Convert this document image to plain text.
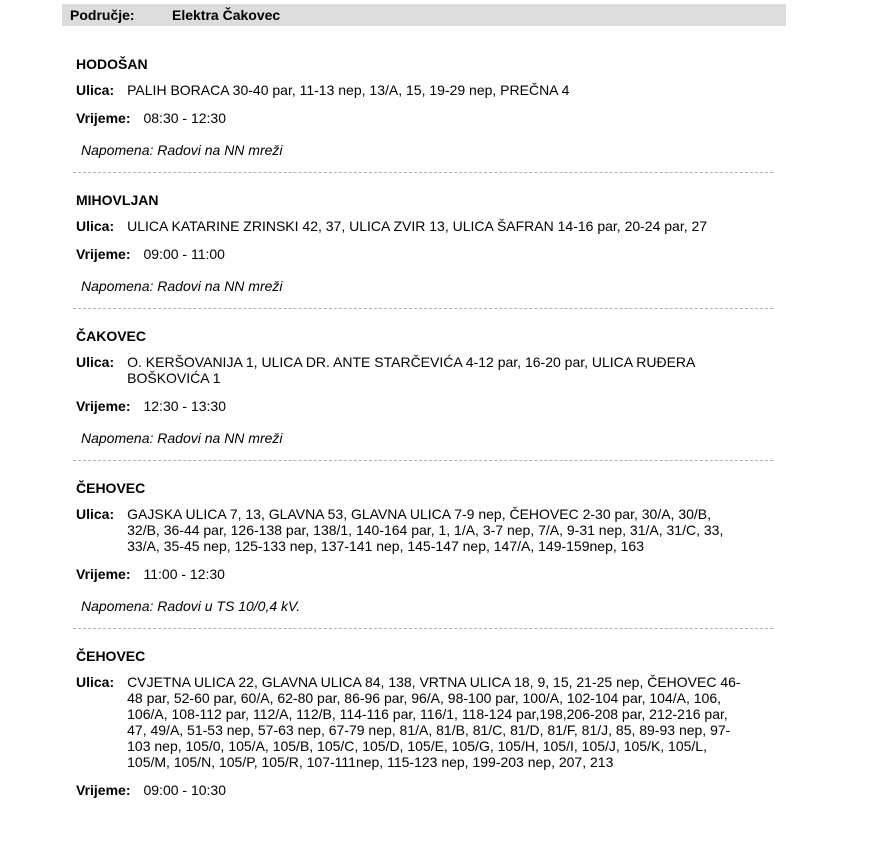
Područje:	Elektra Čakovec
HODOŠAN
Ulica: PALIH BORACA 30-40 par, 11-13 nep, 13/A, 15, 19-29 nep, PREČNA 4
Vrijeme: 08:30 - 12:30
Napomena: Radovi na NN mreži
MIHOVLJAN
Ulica: ULICA KATARINE ZRINSKI 42, 37, ULICA ZVIR 13, ULICA ŠAFRAN 14-16 par, 20-24 par, 27
Vrijeme: 09:00 - 11:00
Napomena: Radovi na NN mreži
ČAKOVEC
Ulica: O. KERŠOVANIJA 1, ULICA DR. ANTE STARČEVIĆA 4-12 par, 16-20 par, ULICA RUĐERA BOŠKOVIĆA 1
Vrijeme: 12:30 - 13:30
Napomena: Radovi na NN mreži
ČEHOVEC
Ulica: GAJSKA ULICA 7, 13, GLAVNA 53, GLAVNA ULICA 7-9 nep, ČEHOVEC 2-30 par, 30/A, 30/B, 32/B, 36-44 par, 126-138 par, 138/1, 140-164 par, 1, 1/A, 3-7 nep, 7/A, 9-31 nep, 31/A, 31/C, 33, 33/A, 35-45 nep, 125-133 nep, 137-141 nep, 145-147 nep, 147/A, 149-159nep, 163
Vrijeme: 11:00 - 12:30
Napomena: Radovi u TS 10/0,4 kV.
ČEHOVEC
Ulica: CVJETNA ULICA 22, GLAVNA ULICA 84, 138, VRTNA ULICA 18, 9, 15, 21-25 nep, ČEHOVEC 46-48 par, 52-60 par, 60/A, 62-80 par, 86-96 par, 96/A, 98-100 par, 100/A, 102-104 par, 104/A, 106, 106/A, 108-112 par, 112/A, 112/B, 114-116 par, 116/1, 118-124 par,198,206-208 par, 212-216 par, 47, 49/A, 51-53 nep, 57-63 nep, 67-79 nep, 81/A, 81/B, 81/C, 81/D, 81/F, 81/J, 85, 89-93 nep, 97-103 nep, 105/0, 105/A, 105/B, 105/C, 105/D, 105/E, 105/G, 105/H, 105/I, 105/J, 105/K, 105/L, 105/M, 105/N, 105/P, 105/R, 107-111nep, 115-123 nep, 199-203 nep, 207, 213
Vrijeme: 09:00 - 10:30
